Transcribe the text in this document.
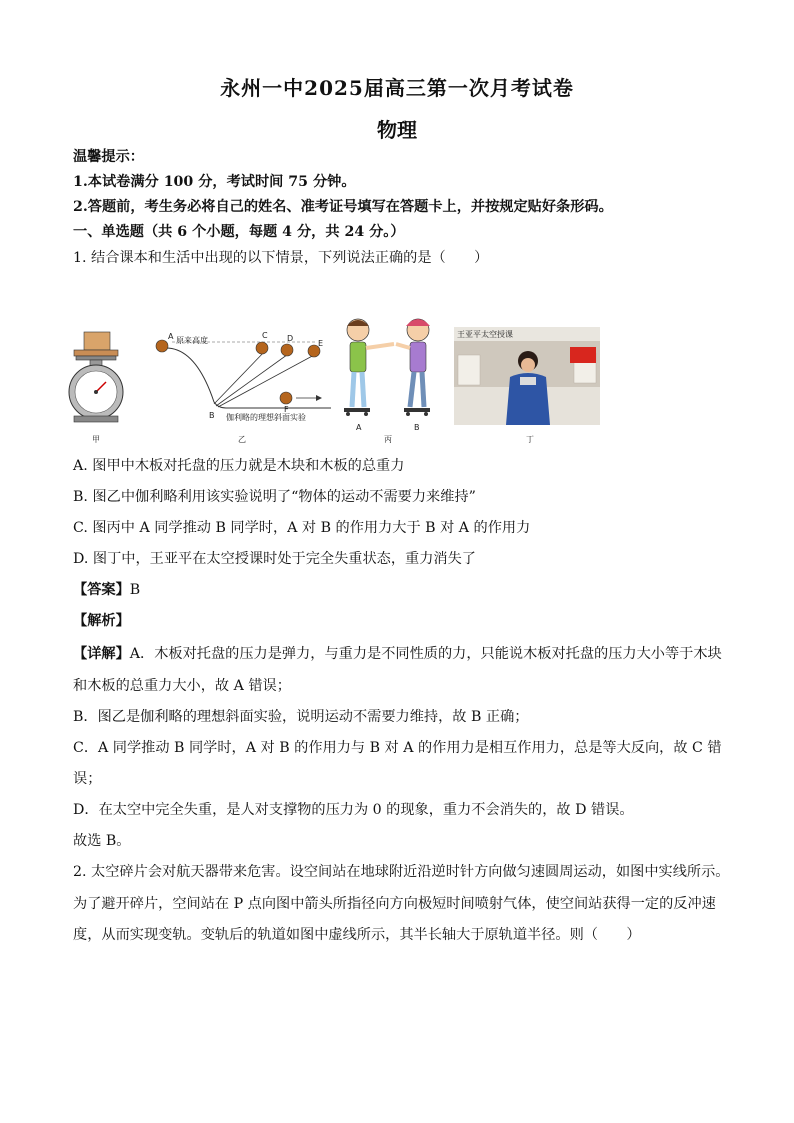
永州一中2025届高三第一次月考试卷
物理
温馨提示：
1.本试卷满分 100 分，考试时间 75 分钟。
2.答题前，考生务必将自己的姓名、准考证号填写在答题卡上，并按规定贴好条形码。
一、单选题（共 6 个小题，每题 4 分，共 24 分。）
1. 结合课本和生活中出现的以下情景，下列说法正确的是（　　）
甲
A 原来高度
B
C D
E
F
伽利略的理想斜面实验
乙
A	B
丙	丁
王亚平太空授课
A. 图甲中木板对托盘的压力就是木块和木板的总重力
B. 图乙中伽利略利用该实验说明了“物体的运动不需要力来维持”
C. 图丙中 A 同学推动 B 同学时，A 对 B 的作用力大于 B 对 A 的作用力
D. 图丁中，王亚平在太空授课时处于完全失重状态，重力消失了
【答案】B
【解析】
【详解】A．木板对托盘的压力是弹力，与重力是不同性质的力，只能说木板对托盘的压力大小等于木块
和木板的总重力大小，故 A 错误；
B．图乙是伽利略的理想斜面实验，说明运动不需要力维持，故 B 正确；
C．A 同学推动 B 同学时，A 对 B 的作用力与 B 对 A 的作用力是相互作用力，总是等大反向，故 C 错
误；
D．在太空中完全失重，是人对支撑物的压力为 0 的现象，重力不会消失的，故 D 错误。
故选 B。
2. 太空碎片会对航天器带来危害。设空间站在地球附近沿逆时针方向做匀速圆周运动，如图中实线所示。
为了避开碎片，空间站在 P 点向图中箭头所指径向方向极短时间喷射气体，使空间站获得一定的反冲速
度，从而实现变轨。变轨后的轨道如图中虚线所示，其半长轴大于原轨道半径。则（　　）
